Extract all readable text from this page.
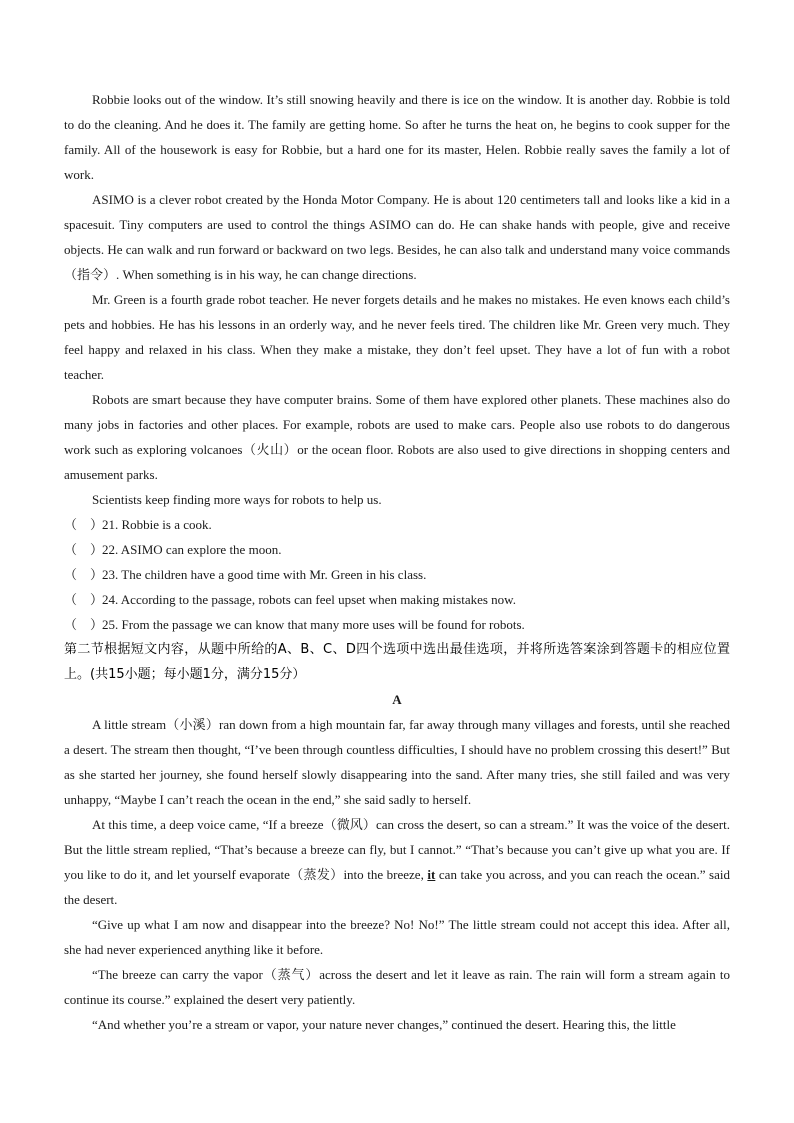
Robbie looks out of the window. It’s still snowing heavily and there is ice on the window. It is another day. Robbie is told to do the cleaning. And he does it. The family are getting home. So after he turns the heat on, he begins to cook supper for the family. All of the housework is easy for Robbie, but a hard one for its master, Helen. Robbie really saves the family a lot of work.

ASIMO is a clever robot created by the Honda Motor Company. He is about 120 centimeters tall and looks like a kid in a spacesuit. Tiny computers are used to control the things ASIMO can do. He can shake hands with people, give and receive objects. He can walk and run forward or backward on two legs. Besides, he can also talk and understand many voice commands（指令）. When something is in his way, he can change directions.

Mr. Green is a fourth grade robot teacher. He never forgets details and he makes no mistakes. He even knows each child’s pets and hobbies. He has his lessons in an orderly way, and he never feels tired. The children like Mr. Green very much. They feel happy and relaxed in his class. When they make a mistake, they don’t feel upset. They have a lot of fun with a robot teacher.

Robots are smart because they have computer brains. Some of them have explored other planets. These machines also do many jobs in factories and other places. For example, robots are used to make cars. People also use robots to do dangerous work such as exploring volcanoes（火山）or the ocean floor. Robots are also used to give directions in shopping centers and amusement parks.

Scientists keep finding more ways for robots to help us.

（　）21. Robbie is a cook.

（　）22. ASIMO can explore the moon.

（　）23. The children have a good time with Mr. Green in his class.

（　）24. According to the passage, robots can feel upset when making mistakes now.

（　）25. From the passage we can know that many more uses will be found for robots.

第二节根据短文内容，从题中所给的A、B、C、D四个选项中选出最佳选项，并将所选答案涂到答题卡的相应位置上。(共15小题；每小题1分，满分15分）

A

A little stream（小溪）ran down from a high mountain far, far away through many villages and forests, until she reached a desert. The stream then thought, “I’ve been through countless difficulties, I should have no problem crossing this desert!” But as she started her journey, she found herself slowly disappearing into the sand. After many tries, she still failed and was very unhappy, “Maybe I can’t reach the ocean in the end,” she said sadly to herself.

At this time, a deep voice came, “If a breeze（微风）can cross the desert, so can a stream.” It was the voice of the desert. But the little stream replied, “That’s because a breeze can fly, but I cannot.” “That’s because you can’t give up what you are. If you like to do it, and let yourself evaporate（蒸发）into the breeze, it can take you across, and you can reach the ocean.” said the desert.

“Give up what I am now and disappear into the breeze? No! No!” The little stream could not accept this idea. After all, she had never experienced anything like it before.

“The breeze can carry the vapor（蒸气）across the desert and let it leave as rain. The rain will form a stream again to continue its course.” explained the desert very patiently.

“And whether you’re a stream or vapor, your nature never changes,” continued the desert. Hearing this, the little
